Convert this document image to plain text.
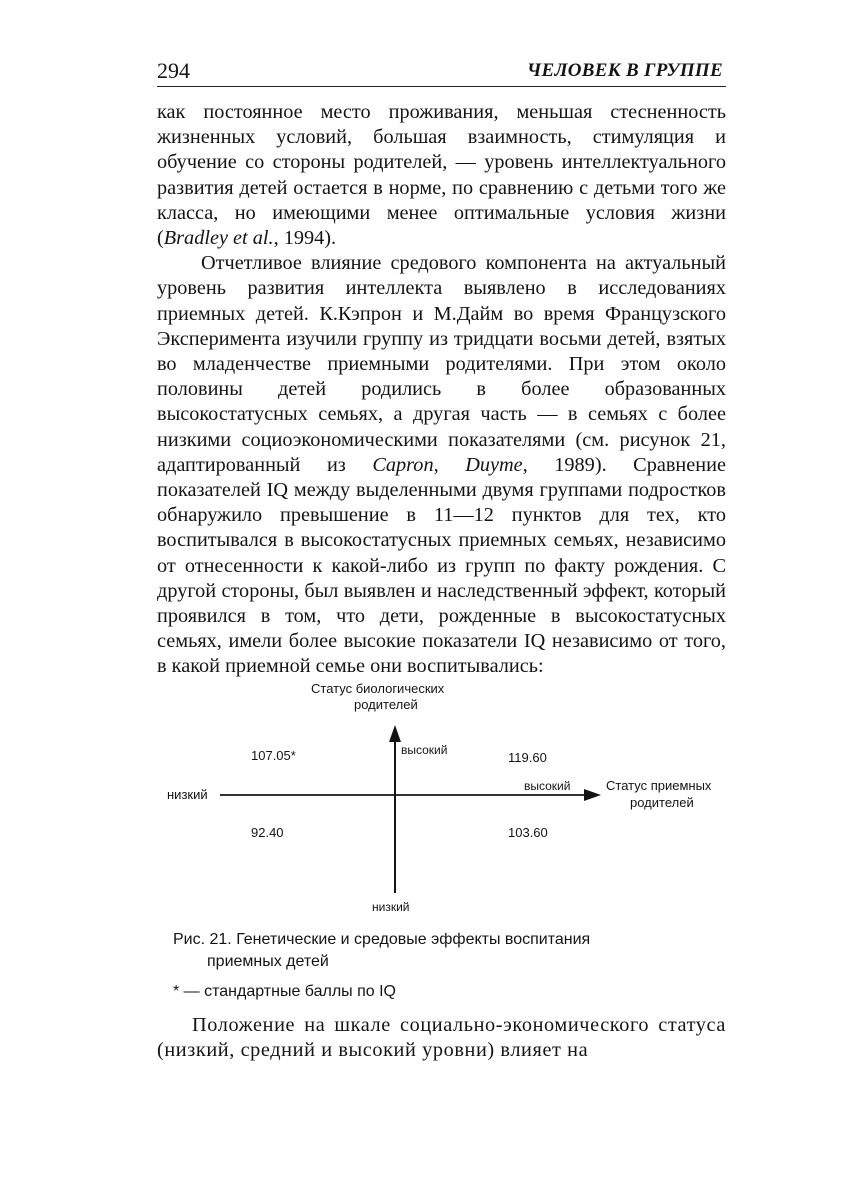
294	ЧЕЛОВЕК В ГРУППЕ

как постоянное место проживания, меньшая стесненность жизненных условий, большая взаимность, стимуляция и обучение со стороны родителей, — уровень интеллектуального развития детей остается в норме, по сравнению с детьми того же класса, но имеющими менее оптимальные условия жизни (Bradley et al., 1994).

Отчетливое влияние средового компонента на актуальный уровень развития интеллекта выявлено в исследованиях приемных детей. К.Кэпрон и М.Дайм во время Французского Эксперимента изучили группу из тридцати восьми детей, взятых во младенчестве приемными родителями. При этом около половины детей родились в более образованных высокостатусных семьях, а другая часть — в семьях с более низкими социоэкономическими показателями (см. рисунок 21, адаптированный из Capron, Duyme, 1989). Сравнение показателей IQ между выделенными двумя группами подростков обнаружило превышение в 11—12 пунктов для тех, кто воспитывался в высокостатусных приемных семьях, независимо от отнесенности к какой-либо из групп по факту рождения. С другой стороны, был выявлен и наследственный эффект, который проявился в том, что дети, рожденные в высокостатусных семьях, имели более высокие показатели IQ независимо от того, в какой приемной семье они воспитывались:

Статус биологических
родителей
высокий
низкий
низкий
высокий	Статус приемных
родителей
107.05*	119.60
92.40	103.60
Рис. 21. Генетические и средовые эффекты воспитания
приемных детей
* — стандартные баллы по IQ

Положение на шкале социально-экономического статуса (низкий, средний и высокий уровни) влияет на
